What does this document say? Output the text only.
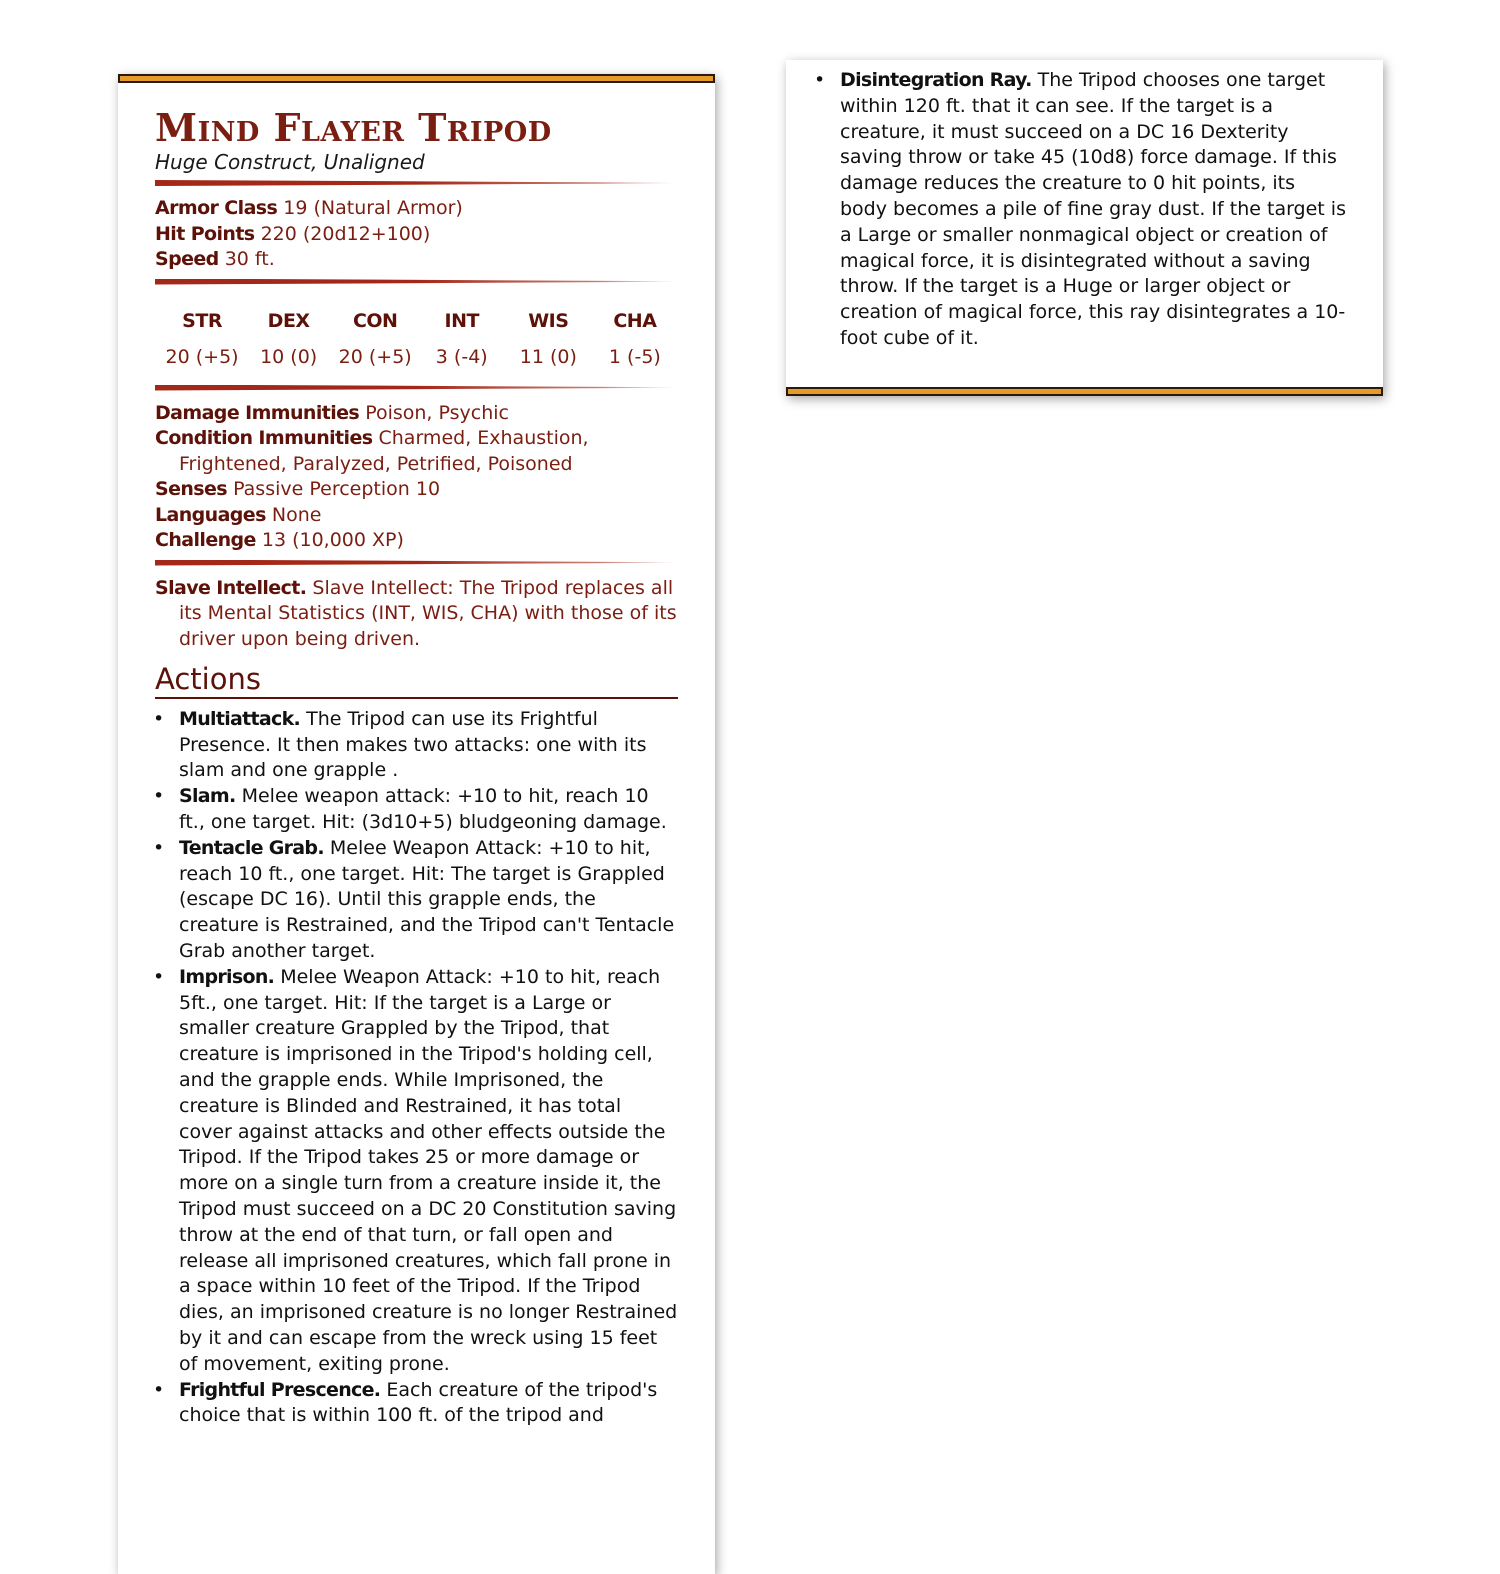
Mind Flayer Tripod
Huge Construct, Unaligned
Armor Class 19 (Natural Armor)
Hit Points 220 (20d12+100)
Speed 30 ft.
STR
20 (+5)
DEX
10 (0)
CON
20 (+5)
INT
3 (-4)
WIS
11 (0)
CHA
1 (-5)
Damage Immunities Poison, Psychic
Condition Immunities Charmed, Exhaustion, Frightened, Paralyzed, Petrified, Poisoned
Senses Passive Perception 10
Languages None
Challenge 13 (10,000 XP)
Slave Intellect. Slave Intellect: The Tripod replaces all its Mental Statistics (INT, WIS, CHA) with those of its driver upon being driven.
Actions
• Multiattack. The Tripod can use its Frightful Presence. It then makes two attacks: one with its slam and one grapple .
• Slam. Melee weapon attack: +10 to hit, reach 10 ft., one target. Hit: (3d10+5) bludgeoning damage.
• Tentacle Grab. Melee Weapon Attack: +10 to hit, reach 10 ft., one target. Hit: The target is Grappled (escape DC 16). Until this grapple ends, the creature is Restrained, and the Tripod can't Tentacle Grab another target.
• Imprison. Melee Weapon Attack: +10 to hit, reach 5ft., one target. Hit: If the target is a Large or smaller creature Grappled by the Tripod, that creature is imprisoned in the Tripod's holding cell, and the grapple ends. While Imprisoned, the creature is Blinded and Restrained, it has total cover against attacks and other effects outside the Tripod. If the Tripod takes 25 or more damage or more on a single turn from a creature inside it, the Tripod must succeed on a DC 20 Constitution saving throw at the end of that turn, or fall open and release all imprisoned creatures, which fall prone in a space within 10 feet of the Tripod. If the Tripod dies, an imprisoned creature is no longer Restrained by it and can escape from the wreck using 15 feet of movement, exiting prone.
• Frightful Prescence. Each creature of the tripod's choice that is within 100 ft. of the tripod and
• Disintegration Ray. The Tripod chooses one target within 120 ft. that it can see. If the target is a creature, it must succeed on a DC 16 Dexterity saving throw or take 45 (10d8) force damage. If this damage reduces the creature to 0 hit points, its body becomes a pile of fine gray dust. If the target is a Large or smaller nonmagical object or creation of magical force, it is disintegrated without a saving throw. If the target is a Huge or larger object or creation of magical force, this ray disintegrates a 10-foot cube of it.
